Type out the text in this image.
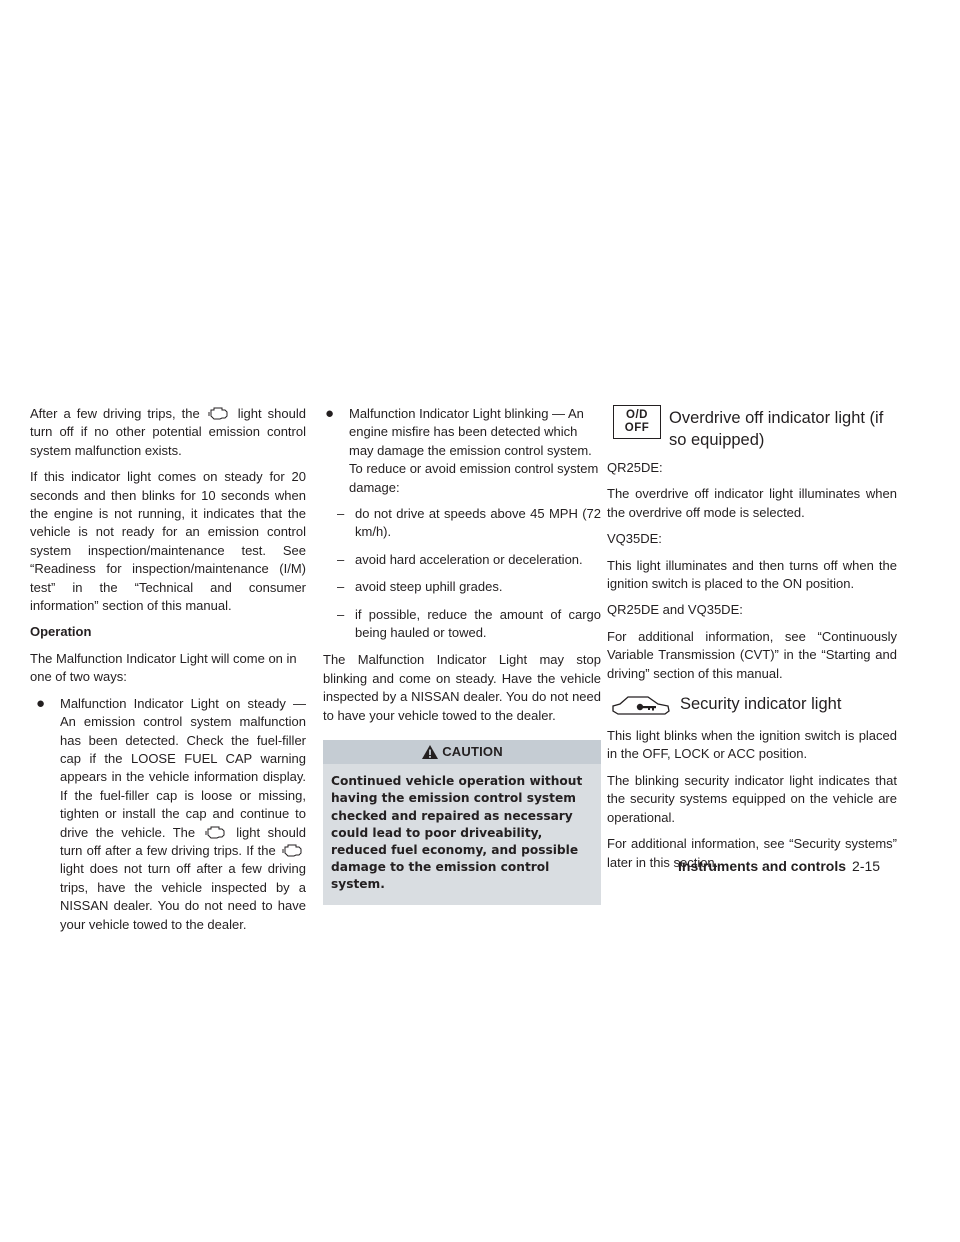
After a few driving trips, the	light should turn off if no other potential emission control system malfunction exists.

If this indicator light comes on steady for 20 seconds and then blinks for 10 seconds when the engine is not running, it indicates that the vehicle is not ready for an emission control system inspection/maintenance test. See “Readiness for inspection/maintenance (I/M) test” in the “Technical and consumer information” section of this manual.

Operation

The Malfunction Indicator Light will come on in one of two ways:

● Malfunction Indicator Light on steady — An emission control system malfunction has been detected. Check the fuel-filler cap if the LOOSE FUEL CAP warning appears in the vehicle information display. If the fuel-filler cap is loose or missing, tighten or install the cap and continue to drive the vehicle. The	light should turn off after a few driving trips. If the  light does not turn off after a few driving trips, have the vehicle inspected by a NISSAN dealer. You do not need to have your vehicle towed to the dealer.
● Malfunction Indicator Light blinking — An engine misfire has been detected which may damage the emission control system. To reduce or avoid emission control system damage:
– do not drive at speeds above 45 MPH (72 km/h).
– avoid hard acceleration or deceleration.
– avoid steep uphill grades.
– if possible, reduce the amount of cargo being hauled or towed.

The Malfunction Indicator Light may stop blinking and come on steady. Have the vehicle inspected by a NISSAN dealer. You do not need to have your vehicle towed to the dealer.

CAUTION
Continued vehicle operation without having the emission control system checked and repaired as necessary could lead to poor driveability, reduced fuel economy, and possible damage to the emission control system.
O/D
OFF
Overdrive off indicator light (if so equipped)

QR25DE:

The overdrive off indicator light illuminates when the overdrive off mode is selected.

VQ35DE:

This light illuminates and then turns off when the ignition switch is placed to the ON position.

QR25DE and VQ35DE:

For additional information, see “Continuously Variable Transmission (CVT)” in the “Starting and driving” section of this manual.

Security indicator light

This light blinks when the ignition switch is placed in the OFF, LOCK or ACC position.

The blinking security indicator light indicates that the security systems equipped on the vehicle are operational.

For additional information, see “Security systems” later in this section.

Instruments and controls 2-15
